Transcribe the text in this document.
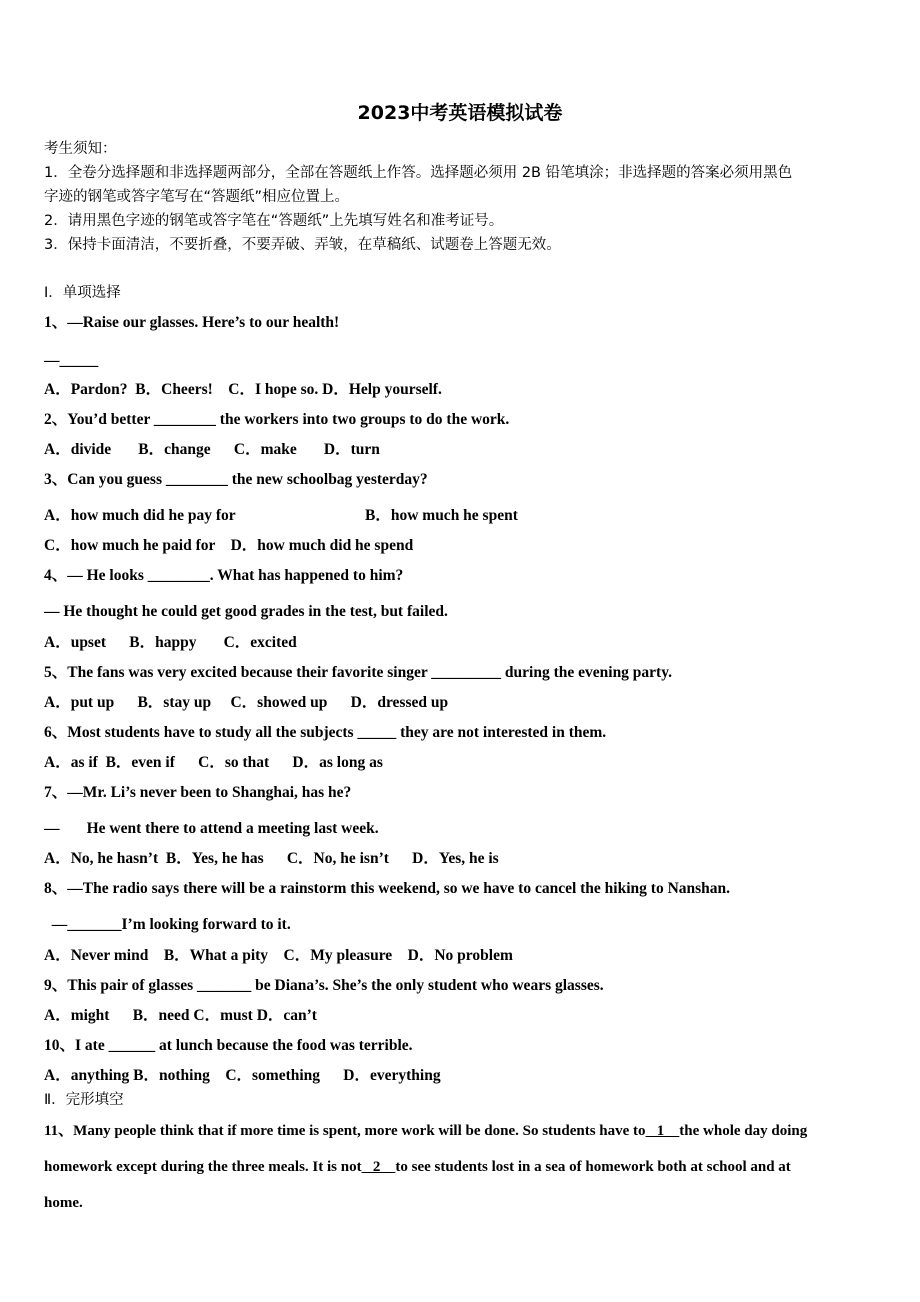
2023中考英语模拟试卷
考生须知：
1．全卷分选择题和非选择题两部分，全部在答题纸上作答。选择题必须用 2B 铅笔填涂；非选择题的答案必须用黑色
字迹的钢笔或答字笔写在“答题纸”相应位置上。
2．请用黑色字迹的钢笔或答字笔在“答题纸”上先填写姓名和准考证号。
3．保持卡面清洁，不要折叠，不要弄破、弄皱，在草稿纸、试题卷上答题无效。
Ⅰ．单项选择
1、—Raise our glasses. Here’s to our health!
—_____
A．Pardon?  B．Cheers!    C．I hope so. D．Help yourself.
2、You’d better ________ the workers into two groups to do the work.
A．divide       B．change      C．make       D．turn
3、Can you guess ________ the new schoolbag yesterday?
A．how much did he pay for	B．how much he spent
C．how much he paid for    D．how much did he spend
4、— He looks ________. What has happened to him?
— He thought he could get good grades in the test, but failed.
A．upset      B．happy       C．excited
5、The fans was very excited because their favorite singer _________ during the evening party.
A．put up      B．stay up     C．showed up      D．dressed up
6、Most students have to study all the subjects _____ they are not interested in them.
A．as if  B．even if      C．so that      D．as long as
7、—Mr. Li’s never been to Shanghai, has he?
—       He went there to attend a meeting last week.
A．No, he hasn’t  B．Yes, he has      C．No, he isn’t      D．Yes, he is
8、—The radio says there will be a rainstorm this weekend, so we have to cancel the hiking to Nanshan.
—_______I’m looking forward to it.
A．Never mind    B．What a pity    C．My pleasure    D．No problem
9、This pair of glasses _______ be Diana’s. She’s the only student who wears glasses.
A．might      B．need C．must D．can’t
10、I ate ______ at lunch because the food was terrible.
A．anything B．nothing    C．something      D．everything
Ⅱ．完形填空
11、Many people think that if more time is spent, more work will be done. So students have to   1    the whole day doing
homework except during the three meals. It is not   2    to see students lost in a sea of homework both at school and at
home.
